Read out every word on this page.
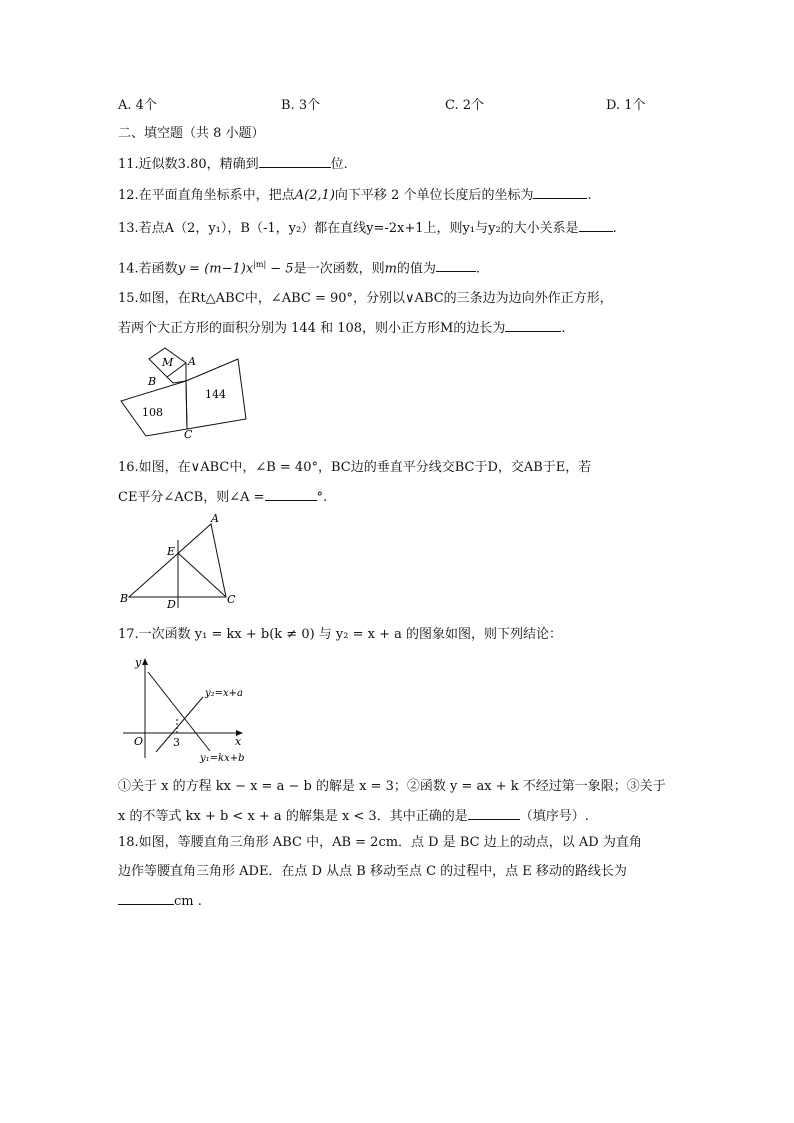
A. 4个	B. 3个	C. 2个	D. 1个
二、填空题（共 8 小题）
11.近似数3.80，精确到	位.
12.在平面直角坐标系中，把点A(2,1)向下平移 2 个单位长度后的坐标为	.
13.若点A（2，y₁），B（-1，y₂）都在直线y=-2x+1上，则y₁与y₂的大小关系是	.
14.若函数$y = (m-1)x^{|m|} - 5$是一次函数，则m的值为	.
15.如图，在Rt△ABC中，∠ABC = 90°，分别以∨ABC的三条边为边向外作正方形，
若两个大正方形的面积分别为 144 和 108，则小正方形M的边长为	.
M A
B
C
144
108
16.如图，在∨ABC中，∠B = 40°，BC边的垂直平分线交BC于D，交AB于E，若
CE平分∠ACB，则∠A =	°.
A
B	C
D
E
17.一次函数 y₁ = kx + b(k ≠ 0) 与 y₂ = x + a 的图象如图，则下列结论：
y
x
O	3
y₂=x+a
y₁=kx+b
①关于 x 的方程 kx − x = a − b 的解是 x = 3；②函数 y = ax + k 不经过第一象限；③关于
x 的不等式 kx + b < x + a 的解集是 x < 3．其中正确的是	（填序号）.
18.如图，等腰直角三角形 ABC 中，AB = 2cm．点 D 是 BC 边上的动点，以 AD 为直角
边作等腰直角三角形 ADE．在点 D 从点 B 移动至点 C 的过程中，点 E 移动的路线长为
cm .
